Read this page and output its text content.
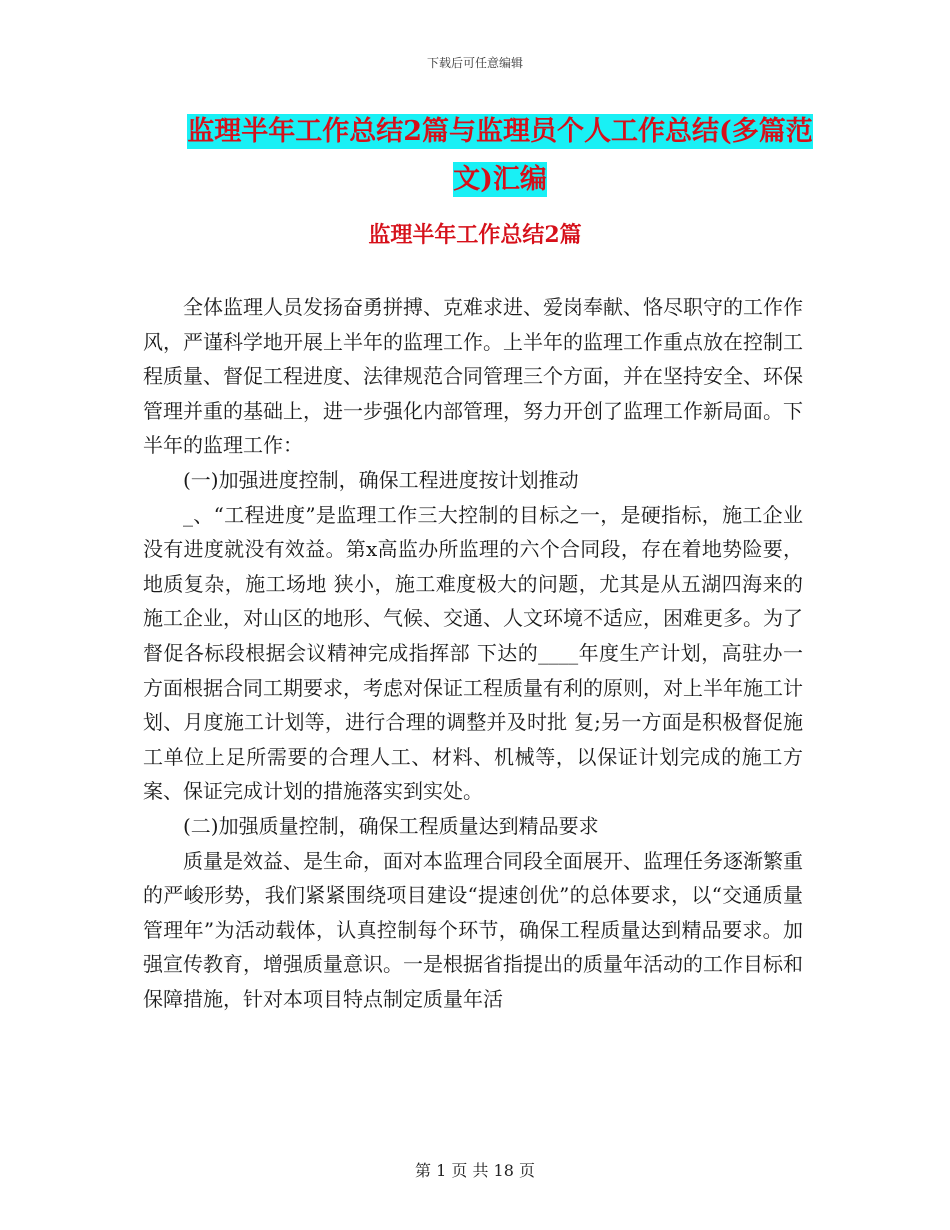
下载后可任意编辑
监理半年工作总结2篇与监理员个人工作总结(多篇范文)汇编
监理半年工作总结2篇

全体监理人员发扬奋勇拼搏、克难求进、爱岗奉献、恪尽职守的工作作风，严谨科学地开展上半年的监理工作。上半年的监理工作重点放在控制工程质量、督促工程进度、法律规范合同管理三个方面，并在坚持安全、环保管理并重的基础上，进一步强化内部管理，努力开创了监理工作新局面。下半年的监理工作：

(一)加强进度控制，确保工程进度按计划推动

_、“工程进度”是监理工作三大控制的目标之一，是硬指标，施工企业没有进度就没有效益。第x高监办所监理的六个合同段，存在着地势险要，地质复杂，施工场地 狭小，施工难度极大的问题，尤其是从五湖四海来的施工企业，对山区的地形、气候、交通、人文环境不适应，困难更多。为了督促各标段根据会议精神完成指挥部 下达的____年度生产计划，高驻办一方面根据合同工期要求，考虑对保证工程质量有利的原则，对上半年施工计划、月度施工计划等，进行合理的调整并及时批 复;另一方面是积极督促施工单位上足所需要的合理人工、材料、机械等，以保证计划完成的施工方案、保证完成计划的措施落实到实处。

(二)加强质量控制，确保工程质量达到精品要求

质量是效益、是生命，面对本监理合同段全面展开、监理任务逐渐繁重的严峻形势，我们紧紧围绕项目建设“提速创优”的总体要求，以“交通质量管理年”为活动载体，认真控制每个环节，确保工程质量达到精品要求。加强宣传教育，增强质量意识。一是根据省指提出的质量年活动的工作目标和保障措施，针对本项目特点制定质量年活

第 1 页 共 18 页
